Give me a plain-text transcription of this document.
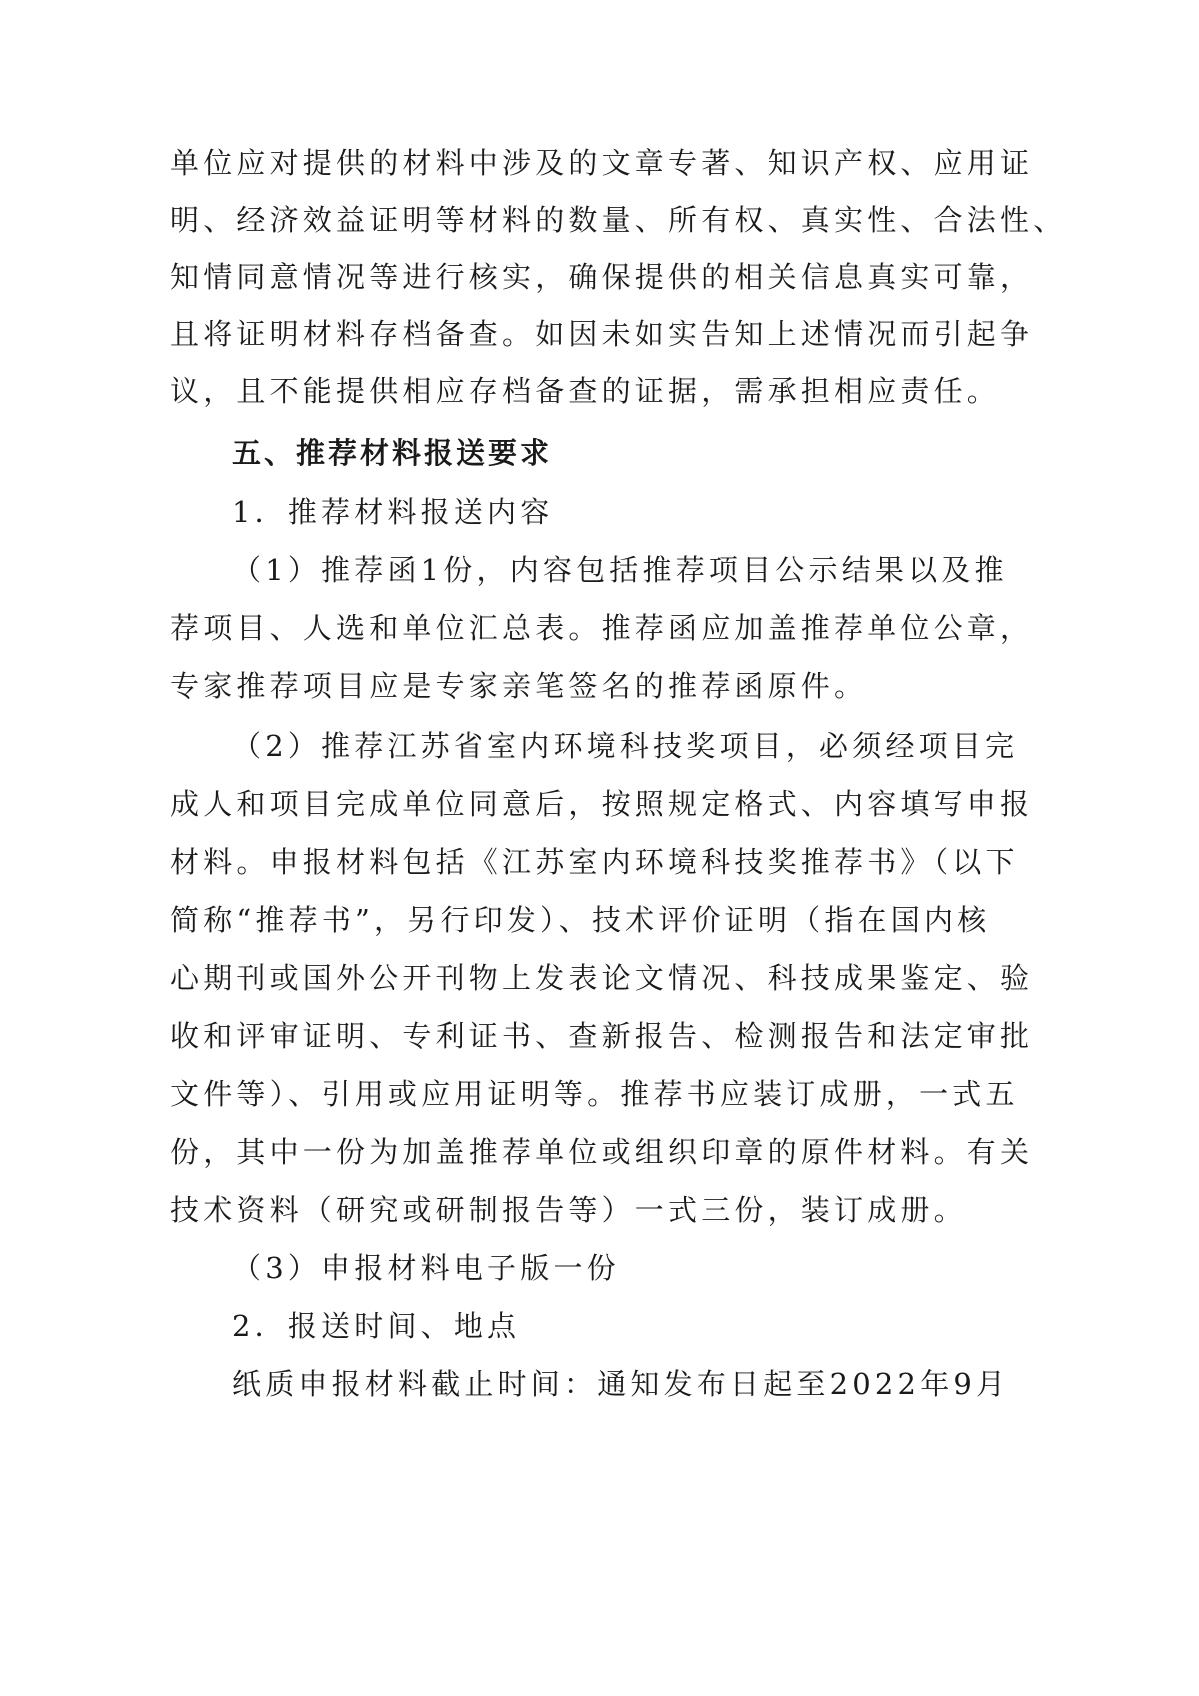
单位应对提供的材料中涉及的文章专著、知识产权、应用证
明、经济效益证明等材料的数量、所有权、真实性、合法性、
知情同意情况等进行核实，确保提供的相关信息真实可靠，
且将证明材料存档备查。如因未如实告知上述情况而引起争
议，且不能提供相应存档备查的证据，需承担相应责任。
五、推荐材料报送要求
1．推荐材料报送内容
（1）推荐函1份，内容包括推荐项目公示结果以及推
荐项目、人选和单位汇总表。推荐函应加盖推荐单位公章，
专家推荐项目应是专家亲笔签名的推荐函原件。
（2）推荐江苏省室内环境科技奖项目，必须经项目完
成人和项目完成单位同意后，按照规定格式、内容填写申报
材料。申报材料包括《江苏室内环境科技奖推荐书》（以下
简称“推荐书”，另行印发）、技术评价证明（指在国内核
心期刊或国外公开刊物上发表论文情况、科技成果鉴定、验
收和评审证明、专利证书、查新报告、检测报告和法定审批
文件等）、引用或应用证明等。推荐书应装订成册，一式五
份，其中一份为加盖推荐单位或组织印章的原件材料。有关
技术资料（研究或研制报告等）一式三份，装订成册。
（3）申报材料电子版一份
2．报送时间、地点
纸质申报材料截止时间：通知发布日起至2022年9月
